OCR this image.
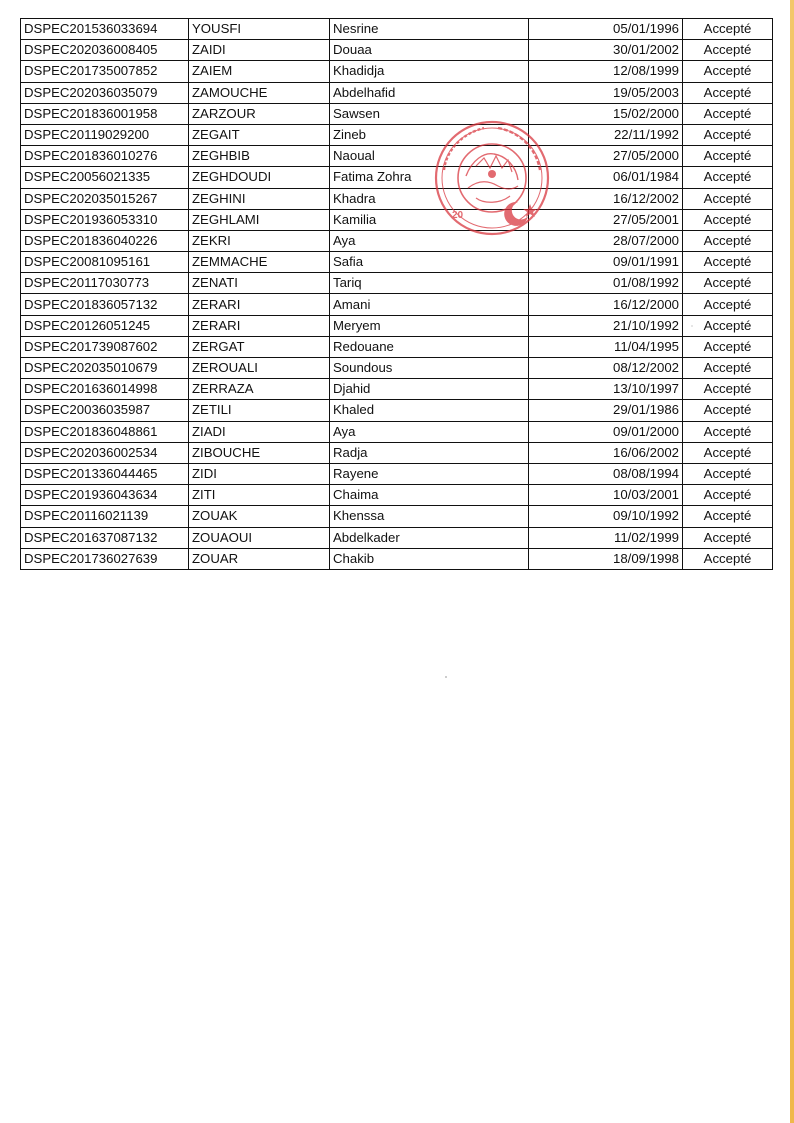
DSPEC201536033694	YOUSFI	Nesrine	05/01/1996	Accepté
DSPEC202036008405	ZAIDI	Douaa	30/01/2002	Accepté
DSPEC201735007852	ZAIEM	Khadidja	12/08/1999	Accepté
DSPEC202036035079	ZAMOUCHE	Abdelhafid	19/05/2003	Accepté
DSPEC201836001958	ZARZOUR	Sawsen	15/02/2000	Accepté
DSPEC20119029200	ZEGAIT	Zineb	22/11/1992	Accepté
DSPEC201836010276	ZEGHBIB	Naoual	27/05/2000	Accepté
DSPEC20056021335	ZEGHDOUDI	Fatima Zohra	06/01/1984	Accepté
DSPEC202035015267	ZEGHINI	Khadra	16/12/2002	Accepté
DSPEC201936053310	ZEGHLAMI	Kamilia	27/05/2001	Accepté
DSPEC201836040226	ZEKRI	Aya	28/07/2000	Accepté
DSPEC20081095161	ZEMMACHE	Safia	09/01/1991	Accepté
DSPEC20117030773	ZENATI	Tariq	01/08/1992	Accepté
DSPEC201836057132	ZERARI	Amani	16/12/2000	Accepté
DSPEC20126051245	ZERARI	Meryem	21/10/1992	Accepté
DSPEC201739087602	ZERGAT	Redouane	11/04/1995	Accepté
DSPEC202035010679	ZEROUALI	Soundous	08/12/2002	Accepté
DSPEC201636014998	ZERRAZA	Djahid	13/10/1997	Accepté
DSPEC20036035987	ZETILI	Khaled	29/01/1986	Accepté
DSPEC201836048861	ZIADI	Aya	09/01/2000	Accepté
DSPEC202036002534	ZIBOUCHE	Radja	16/06/2002	Accepté
DSPEC201336044465	ZIDI	Rayene	08/08/1994	Accepté
DSPEC201936043634	ZITI	Chaima	10/03/2001	Accepté
DSPEC20116021139	ZOUAK	Khenssa	09/10/1992	Accepté
DSPEC201637087132	ZOUAOUI	Abdelkader	11/02/1999	Accepté
DSPEC201736027639	ZOUAR	Chakib	18/09/1998	Accepté
20
